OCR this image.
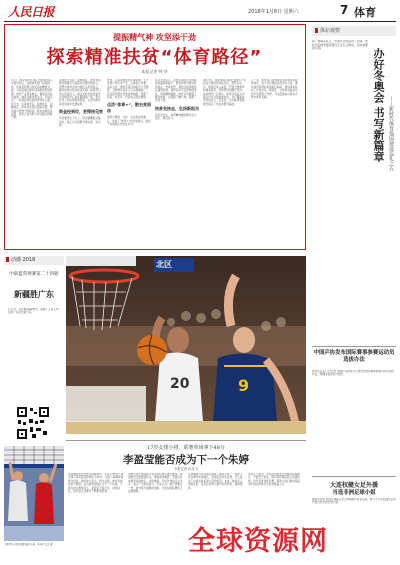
人民日报	2018年1月8日 星期六	7 体育
提振精气神 攻坚添干劲
探索精准扶贫“体育路径”
本报记者 钟 华
12月，国家体育总局召开体育扶贫工作推进会议，各地体育部门积极探索，将体育资源与扶贫需求精准对接，为贫困地区群众带来新的发展机遇。体育产业带动就业，赛事活动拉动消费，健身设施改善生活，多地走出了一条具有特色的体育扶贫之路。近年来，在革命老区、民族地区、边疆地区，体育扶贫项目落地生根，群众参与热情不断提高，脱贫成效逐步显现，体育正成为助力乡村振兴的新引擎。
各地结合实际，因地制宜，把体育场地设施建设与美丽乡村建设相结合，把群众体育活动与特色文化相结合，推动体育扶贫向纵深发展。体育部门加大资金投入，重点支持贫困县建设全民健身中心和乡镇健身广场，努力补齐公共体育服务短板，让更多群众享受到体育发展成果。
资金投到位，更得扶见效
资金要用在刀刃上，项目要精准对接需求，真正让贫困群众得实惠、见实效。
贵州、云南等地依托山地资源，大力发展户外运动产业，山地自行车赛、徒步大会、漂流节等活动吸引大量游客，当地群众在家门口实现增收。一些贫困村通过发展体育旅游，建起了民宿、农家乐，村民收入明显增加。
点活“体育+”，散去贫困血
体育与旅游、文化、农业等深度融合，形成了“体育+”的发展模式，激发了贫困地区的内生动力。
在河北张家口，冰雪运动成为当地脱贫致富的新路子，滑雪场带动周边村民就业，雪具租赁、餐饮住宿等服务业蓬勃发展。体育扶贫不仅是物质帮扶，更是精神激励，体育运动增强了群众体质，也提振了精气神，凝聚了攻坚力量。
扶贫先扶志，弘扬新担当
扶贫先扶志，体育精神激励群众自力更生、艰苦奋斗。
2017年，国家体育总局在全国多个贫困县开展体育扶贫试点，组织运动员、教练员深入基层，开展志愿服务和健身指导，把体育送到群众身边。各地群众广泛参与，体育活动成为丰富乡村生活的重要内容，为打赢脱贫攻坚战注入了正能量，也为体育强国建设奠定了坚实的群众基础。
下一步，体育部门将继续完善体育扶贫政策体系，加大对贫困地区的支持力度，推动体育资源向贫困地区倾斜，推进体育扶贫工作常态化、制度化，让体育在脱贫攻坚中发挥更大作用，为全面建成小康社会作出体育贡献。
体坛观察
新一届梅花杯上，中国代表团获得了佳绩，新时代的体育强国建设正在扎实推进，迎来重要窗口期。	办好冬奥会 书写新篇章 ——新时代体育强国建设巡礼之五
动感 2018
中职篮常规赛第二十四轮
新疆胜广东
1月7日，在CBA常规赛中，新疆广汇队主场迎战广东东莞银行队。
北区
20	9
中国乒协发布国际赛事参赛运动员选拔办法
新华社北京1月7日电 中国乒乓球协会日前发布国际赛事参赛运动员选拔办法，明确选拔原则与程序。
17岁女排小将，联赛单场拿下48分
李盈莹能否成为下一个朱婷
本报记者 孙龙飞
在刚刚结束的全国女排联赛中，年仅17岁的天津女排小将李盈莹单场砍下48分，创造了联赛单场得分纪录。她扣球力量大、技术全面，被许多球迷寄予厚望，认为她有望成长为下一个朱婷。天津女排主教练表示，李盈莹天赋出众，训练刻苦，但仍需在比赛中不断积累经验。
中国女排主教练郎平曾对年轻球员提出要求，希望她们全面提高技术，增强身体素质。李盈莹在本赛季表现稳定，攻防兼备，多场比赛担任主攻手，展示了出色的潜力。专家认为，她还需要在一传、防守等方面继续加强，才能在国际赛场上站稳脚跟。
女排联赛为年轻球员提供了锻炼平台，一批新人在比赛中快速成长。李盈莹的出色表现，让人看到了中国女排后备力量的希望。未来，她能否入选国家队、能否在世界大赛中发挥作用，值得期待。
业内人士指出，年轻球员的成长需要时间和耐心，不能急于求成。俱乐部和国家队应加强沟通，科学安排训练比赛，帮助小将们稳步提高，为中国女排的长远发展储备人才。
李盈莹在全国女排联赛中扣球。新华社记者 摄
大连权健女足外援
当选非洲足球小姐
据新华社电 非洲足球联合会日前揭晓年度各奖项，效力于大连权健女足的外援当选非洲足球小姐。
全球资源网
